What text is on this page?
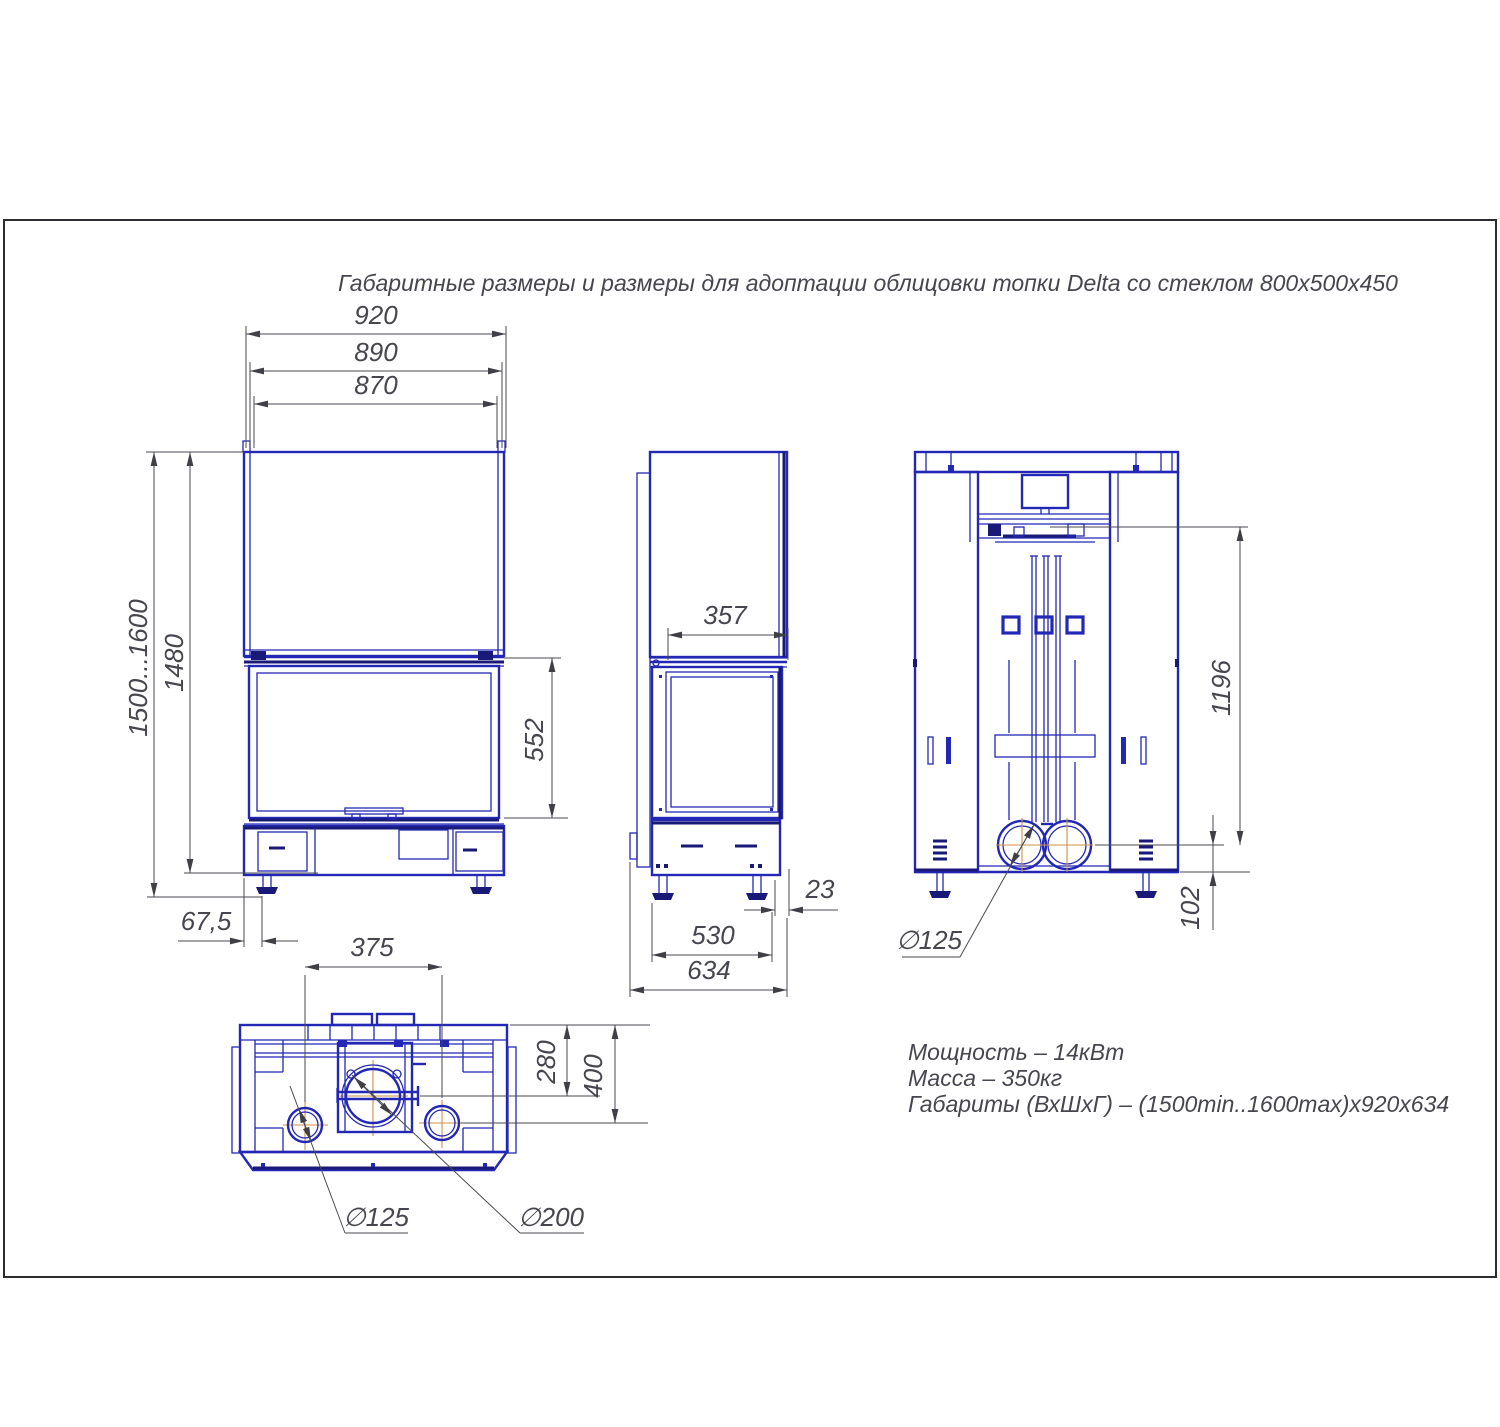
Габаритные размеры и размеры для адоптации облицовки топки Delta со стеклом 800x500x450
920
890
870
1480
1500...1600
552
67,5
357
23
530
634
1196
102
∅125
375
280 400
∅125	∅200
Мощность – 14кВт
Масса – 350кг
Габариты (ВхШхГ) – (1500min..1600max)x920x634
